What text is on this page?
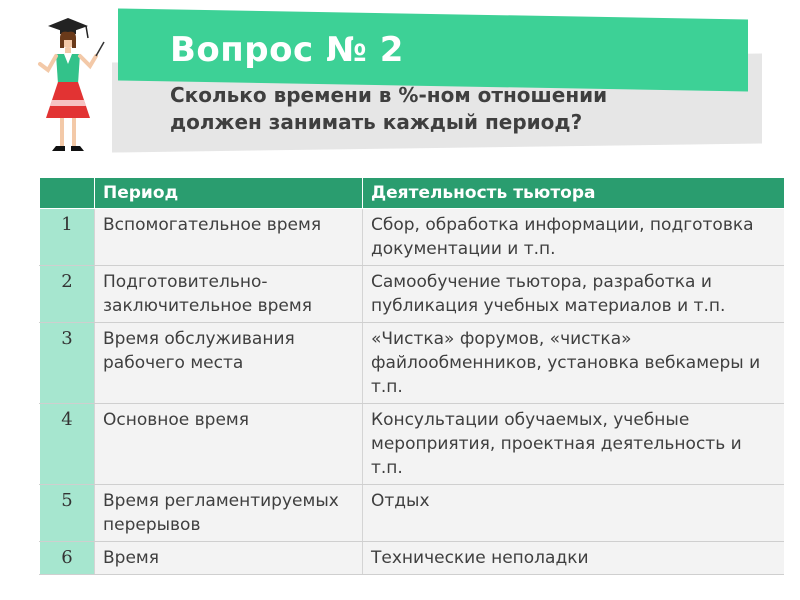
Вопрос № 2

Сколько времени в %-ном отношении
должен занимать каждый период?

	Период	Деятельность тьютора
1	Вспомогательное время	Сбор, обработка информации, подготовка документации и т.п.
2	Подготовительно-заключительное время	Самообучение тьютора, разработка и публикация учебных материалов и т.п.
3	Время обслуживания рабочего места	«Чистка» форумов, «чистка» файлообменников, установка вебкамеры и т.п.
4	Основное время	Консультации обучаемых, учебные мероприятия, проектная деятельность и т.п.
5	Время регламентируемых перерывов	Отдых
6	Время	Технические неполадки
